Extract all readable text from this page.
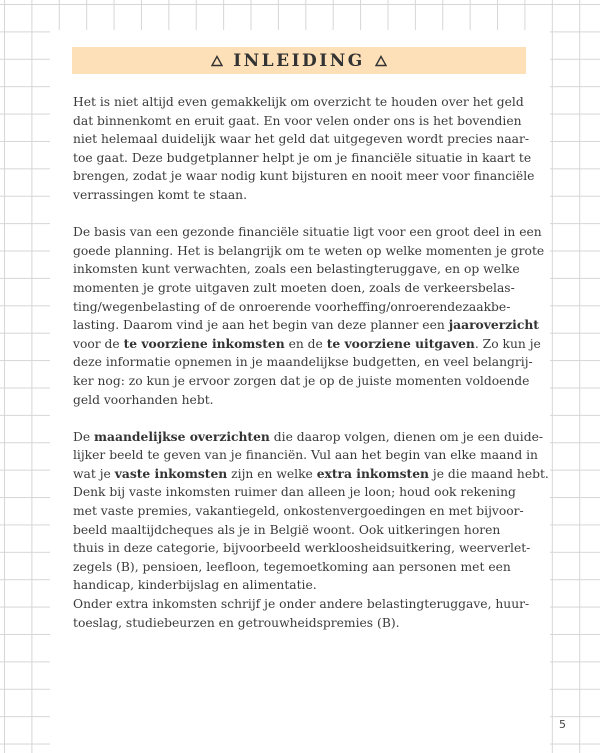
INLEIDING
Het is niet altijd even gemakkelijk om overzicht te houden over het geld
dat binnenkomt en eruit gaat. En voor velen onder ons is het bovendien
niet helemaal duidelijk waar het geld dat uitgegeven wordt precies naar-
toe gaat. Deze budgetplanner helpt je om je financiële situatie in kaart te
brengen, zodat je waar nodig kunt bijsturen en nooit meer voor financiële
verrassingen komt te staan.
De basis van een gezonde financiële situatie ligt voor een groot deel in een
goede planning. Het is belangrijk om te weten op welke momenten je grote
inkomsten kunt verwachten, zoals een belastingteruggave, en op welke
momenten je grote uitgaven zult moeten doen, zoals de verkeersbelas-
ting/wegenbelasting of de onroerende voorheffing/onroerendezaakbe-
lasting. Daarom vind je aan het begin van deze planner een jaaroverzicht
voor de te voorziene inkomsten en de te voorziene uitgaven. Zo kun je
deze informatie opnemen in je maandelijkse budgetten, en veel belangrij-
ker nog: zo kun je ervoor zorgen dat je op de juiste momenten voldoende
geld voorhanden hebt.
De maandelijkse overzichten die daarop volgen, dienen om je een duide-
lijker beeld te geven van je financiën. Vul aan het begin van elke maand in
wat je vaste inkomsten zijn en welke extra inkomsten je die maand hebt.
Denk bij vaste inkomsten ruimer dan alleen je loon; houd ook rekening
met vaste premies, vakantiegeld, onkostenvergoedingen en met bijvoor-
beeld maaltijdcheques als je in België woont. Ook uitkeringen horen
thuis in deze categorie, bijvoorbeeld werkloosheidsuitkering, weerverlet-
zegels (B), pensioen, leefloon, tegemoetkoming aan personen met een
handicap, kinderbijslag en alimentatie.
Onder extra inkomsten schrijf je onder andere belastingteruggave, huur-
toeslag, studiebeurzen en getrouwheidspremies (B).
5
